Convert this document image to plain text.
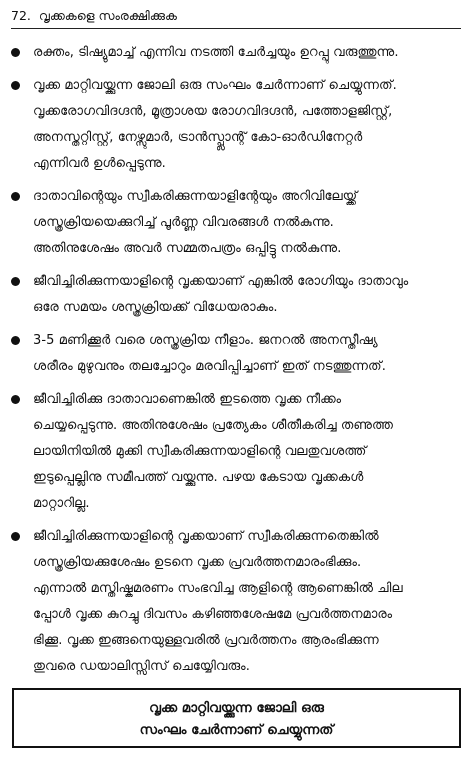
72. വൃക്കകളെ സംരക്ഷിക്കുക
രക്തം, ടിഷ്യുമാച്ച് എന്നിവ നടത്തി ചേർച്ചയും ഉറപ്പു വരുത്തുന്നു.
വൃക്ക മാറ്റിവയ്ക്കുന്ന ജോലി ഒരു സംഘം ചേർന്നാണ് ചെയ്യുന്നത്.
വൃക്കരോഗവിദഗ്ദൻ, മൂത്രാശയ രോഗവിദഗ്ദൻ, പത്തോളജിസ്റ്റ്,
അനസ്തറ്റിസ്റ്റ്, നേഴ്സുമാർ, ട്രാൻസ്പ്ലാന്റ് കോ-ഓർഡിനേറ്റർ
എന്നിവർ ഉൾപ്പെടുന്നു.
ദാതാവിന്റെയും സ്വീകരിക്കുന്നയാളിന്റേയും അറിവിലേയ്ക്ക്
ശസ്ത്രക്രിയയെക്കുറിച്ച് പൂർണ്ണ വിവരങ്ങൾ നൽകുന്നു.
അതിനുശേഷം അവർ സമ്മതപത്രം ഒപ്പിട്ടു നൽകുന്നു.
ജീവിച്ചിരിക്കുന്നയാളിന്റെ വൃക്കയാണ് എങ്കിൽ രോഗിയും ദാതാവും
ഒരേ സമയം ശസ്ത്രക്രിയക്ക് വിധേയരാകും.
3-5 മണിക്കൂർ വരെ ശസ്ത്രക്രിയ നീളാം. ജനറൽ അനസ്തീഷ്യ
ശരീരം മുഴുവനും തലച്ചോറും മരവിപ്പിച്ചാണ് ഇത് നടത്തുന്നത്.
ജീവിച്ചിരിക്കു ദാതാവാണെങ്കിൽ ഇടത്തെ വൃക്ക നീക്കം
ചെയ്യപ്പെടുന്നു. അതിനുശേഷം പ്രത്യേകം ശീതീകരിച്ച തണുത്ത
ലായിനിയിൽ മുക്കി സ്വീകരിക്കുന്നയാളിന്റെ വലതുവശത്ത്
ഇടുപ്പെല്ലിനു സമീപത്ത് വയ്ക്കുന്നു. പഴയ കേടായ വൃക്കകൾ
മാറ്റാറില്ല.
ജീവിച്ചിരിക്കുന്നയാളിന്റെ വൃക്കയാണ് സ്വീകരിക്കുന്നതെങ്കിൽ
ശസ്ത്രക്രിയക്കുശേഷം ഉടനെ വൃക്ക പ്രവർത്തനമാരംഭിക്കും.
എന്നാൽ മസ്തിഷ്കമരണം സംഭവിച്ച ആളിന്റെ ആണെങ്കിൽ ചില
പ്പോൾ വൃക്ക കുറച്ചു ദിവസം കഴിഞ്ഞശേഷമേ പ്രവർത്തനമാരം
ഭിക്കൂ. വൃക്ക ഇങ്ങനെയുള്ളവരിൽ പ്രവർത്തനം ആരംഭിക്കുന്ന
തുവരെ ഡയാലിസ്സിസ് ചെയ്യേിവരും.
വൃക്ക മാറ്റിവയ്ക്കുന്ന ജോലി ഒരു
സംഘം ചേർന്നാണ് ചെയ്യുന്നത്
